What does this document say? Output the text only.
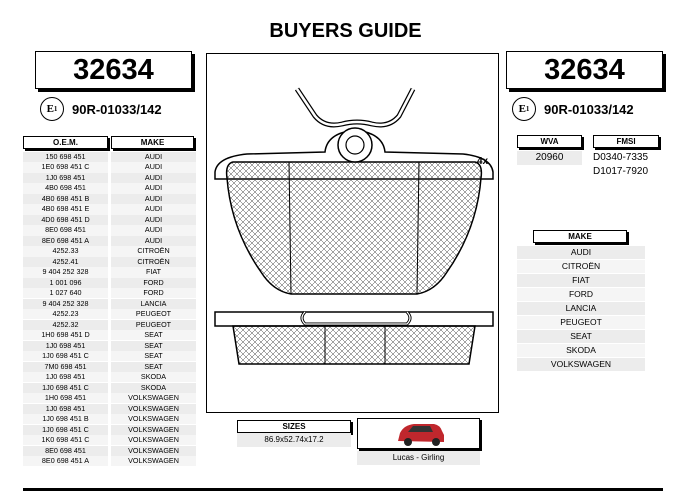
BUYERS GUIDE
32634	32634
E 1 90R-01033/142	E 1 90R-01033/142
O.E.M.	MAKE
150 698 451	AUDI
1E0 698 451 C	AUDI
1J0 698 451	AUDI
4B0 698 451	AUDI
4B0 698 451 B	AUDI
4B0 698 451 E	AUDI
4D0 698 451 D	AUDI
8E0 698 451	AUDI
8E0 698 451 A	AUDI
4252.33	CITROËN
4252.41	CITROËN
9 404 252 328	FIAT
1 001 096	FORD
1 027 640	FORD
9 404 252 328	LANCIA
4252.23	PEUGEOT
4252.32	PEUGEOT
1H0 698 451 D	SEAT
1J0 698 451	SEAT
1J0 698 451 C	SEAT
7M0 698 451	SEAT
1J0 698 451	SKODA
1J0 698 451 C	SKODA
1H0 698 451	VOLKSWAGEN
1J0 698 451	VOLKSWAGEN
1J0 698 451 B	VOLKSWAGEN
1J0 698 451 C	VOLKSWAGEN
1K0 698 451 C	VOLKSWAGEN
8E0 698 451	VOLKSWAGEN
8E0 698 451 A	VOLKSWAGEN
4x
WVA	FMSI
20960	D0340-7335
D1017-7920
MAKE
AUDI
CITROËN
FIAT
FORD
LANCIA
PEUGEOT
SEAT
SKODA
VOLKSWAGEN
SIZES
86.9x52.74x17.2
Lucas - Girling
